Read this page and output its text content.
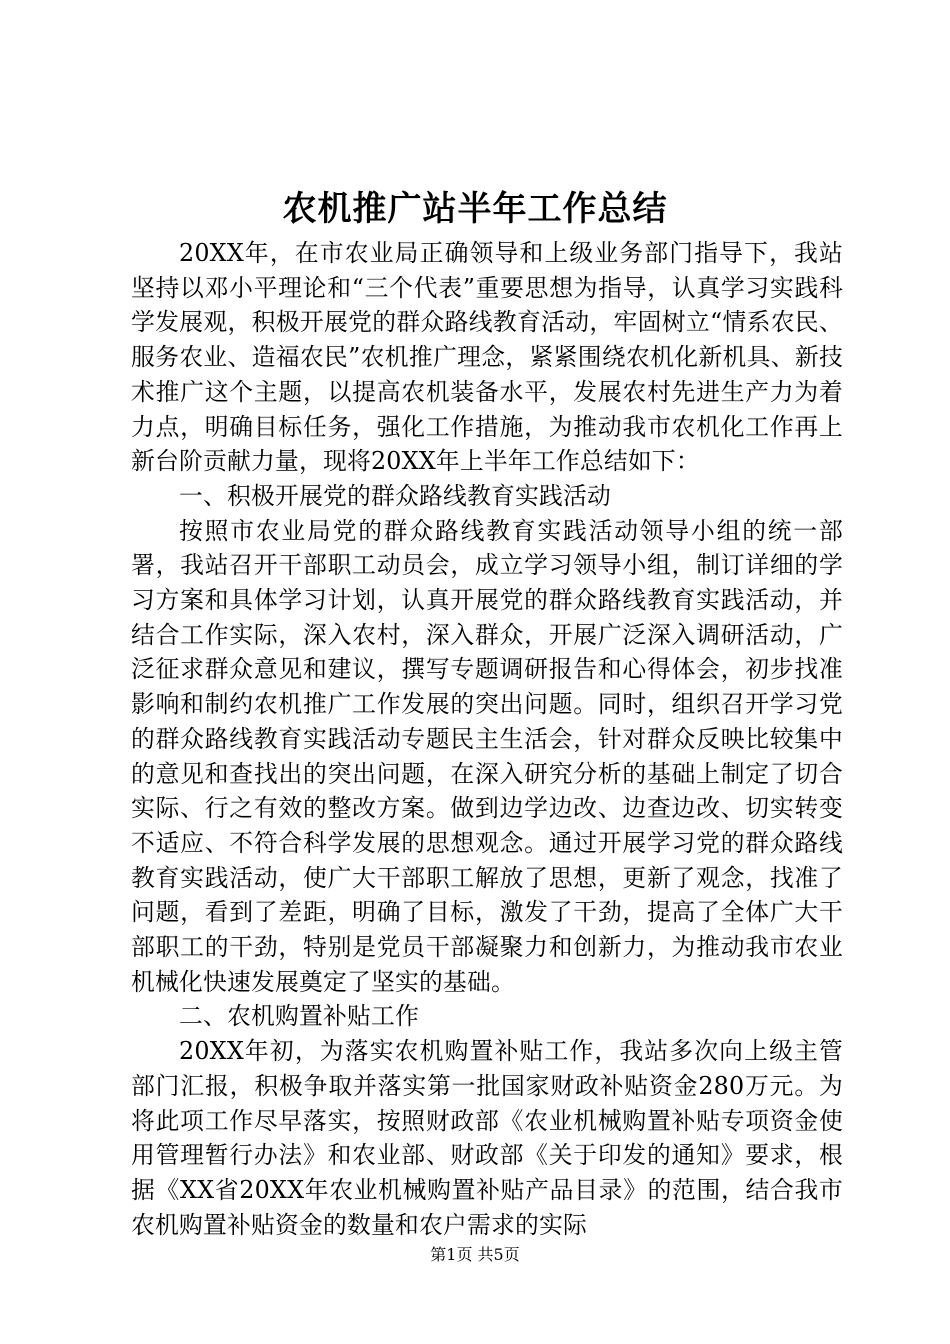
农机推广站半年工作总结

20XX年，在市农业局正确领导和上级业务部门指导下，我站坚持以邓小平理论和“三个代表”重要思想为指导，认真学习实践科学发展观，积极开展党的群众路线教育活动，牢固树立“情系农民、服务农业、造福农民”农机推广理念，紧紧围绕农机化新机具、新技术推广这个主题，以提高农机装备水平，发展农村先进生产力为着力点，明确目标任务，强化工作措施，为推动我市农机化工作再上新台阶贡献力量，现将20XX年上半年工作总结如下：

一、积极开展党的群众路线教育实践活动

按照市农业局党的群众路线教育实践活动领导小组的统一部署，我站召开干部职工动员会，成立学习领导小组，制订详细的学习方案和具体学习计划，认真开展党的群众路线教育实践活动，并结合工作实际，深入农村，深入群众，开展广泛深入调研活动，广泛征求群众意见和建议，撰写专题调研报告和心得体会，初步找准影响和制约农机推广工作发展的突出问题。同时，组织召开学习党的群众路线教育实践活动专题民主生活会，针对群众反映比较集中的意见和查找出的突出问题，在深入研究分析的基础上制定了切合实际、行之有效的整改方案。做到边学边改、边查边改、切实转变不适应、不符合科学发展的思想观念。通过开展学习党的群众路线教育实践活动，使广大干部职工解放了思想，更新了观念，找准了问题，看到了差距，明确了目标，激发了干劲，提高了全体广大干部职工的干劲，特别是党员干部凝聚力和创新力，为推动我市农业机械化快速发展奠定了坚实的基础。

二、农机购置补贴工作

20XX年初，为落实农机购置补贴工作，我站多次向上级主管部门汇报，积极争取并落实第一批国家财政补贴资金280万元。为将此项工作尽早落实，按照财政部《农业机械购置补贴专项资金使用管理暂行办法》和农业部、财政部《关于印发的通知》要求，根据《XX省20XX年农业机械购置补贴产品目录》的范围，结合我市农机购置补贴资金的数量和农户需求的实际

第1页 共5页
